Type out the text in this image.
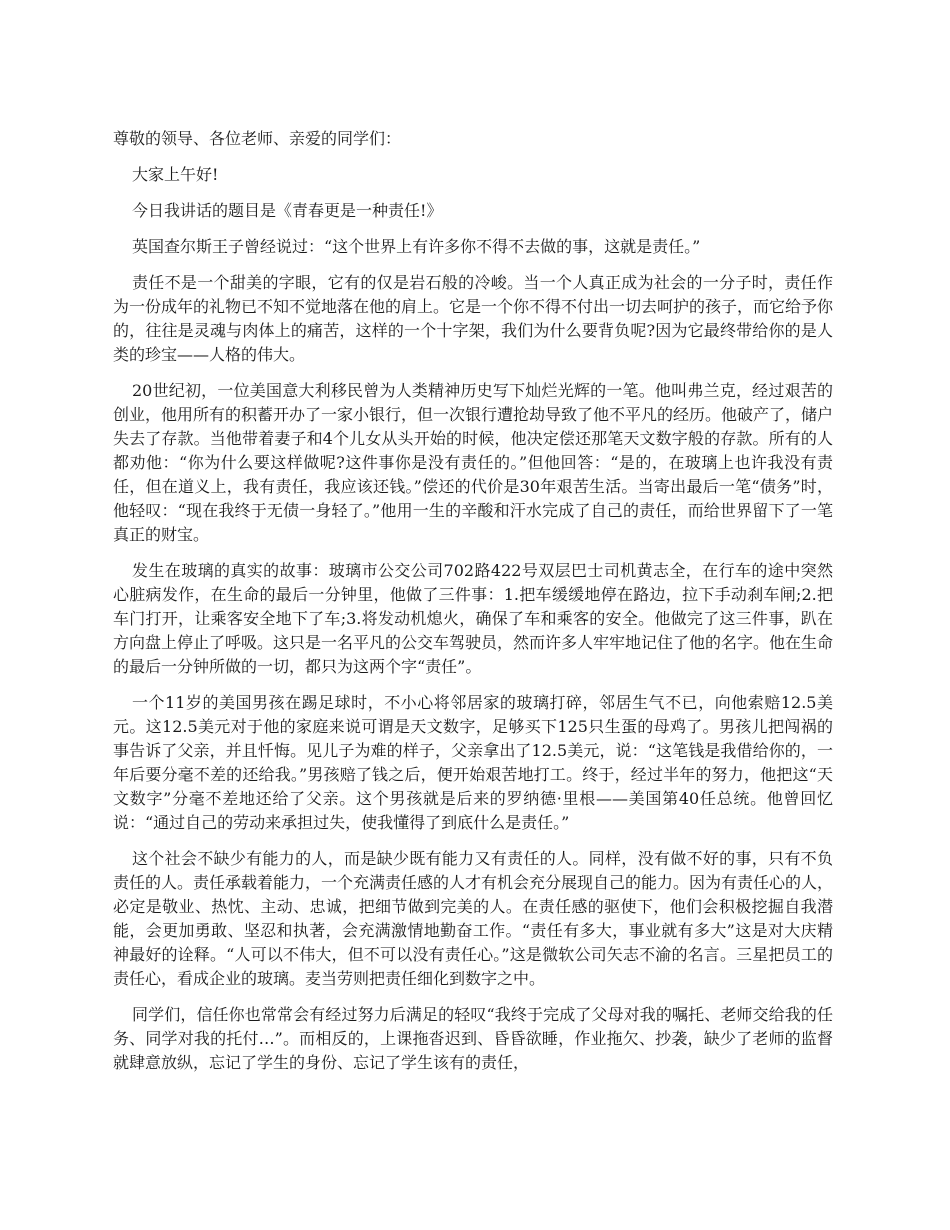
尊敬的领导、各位老师、亲爱的同学们：

大家上午好!

今日我讲话的题目是《青春更是一种责任!》

英国查尔斯王子曾经说过：“这个世界上有许多你不得不去做的事，这就是责任。”

责任不是一个甜美的字眼，它有的仅是岩石般的冷峻。当一个人真正成为社会的一分子时，责任作为一份成年的礼物已不知不觉地落在他的肩上。它是一个你不得不付出一切去呵护的孩子，而它给予你的，往往是灵魂与肉体上的痛苦，这样的一个十字架，我们为什么要背负呢?因为它最终带给你的是人类的珍宝——人格的伟大。

20世纪初，一位美国意大利移民曾为人类精神历史写下灿烂光辉的一笔。他叫弗兰克，经过艰苦的创业，他用所有的积蓄开办了一家小银行，但一次银行遭抢劫导致了他不平凡的经历。他破产了，储户失去了存款。当他带着妻子和4个儿女从头开始的时候，他决定偿还那笔天文数字般的存款。所有的人都劝他：“你为什么要这样做呢?这件事你是没有责任的。”但他回答：“是的，在玻璃上也许我没有责任，但在道义上，我有责任，我应该还钱。”偿还的代价是30年艰苦生活。当寄出最后一笔“债务”时，他轻叹：“现在我终于无债一身轻了。”他用一生的辛酸和汗水完成了自己的责任，而给世界留下了一笔真正的财宝。

发生在玻璃的真实的故事：玻璃市公交公司702路422号双层巴士司机黄志全，在行车的途中突然心脏病发作，在生命的最后一分钟里，他做了三件事：1.把车缓缓地停在路边，拉下手动刹车闸;2.把车门打开，让乘客安全地下了车;3.将发动机熄火，确保了车和乘客的安全。他做完了这三件事，趴在方向盘上停止了呼吸。这只是一名平凡的公交车驾驶员，然而许多人牢牢地记住了他的名字。他在生命的最后一分钟所做的一切，都只为这两个字“责任”。

一个11岁的美国男孩在踢足球时，不小心将邻居家的玻璃打碎，邻居生气不已，向他索赔12.5美元。这12.5美元对于他的家庭来说可谓是天文数字，足够买下125只生蛋的母鸡了。男孩儿把闯祸的事告诉了父亲，并且忏悔。见儿子为难的样子，父亲拿出了12.5美元，说：“这笔钱是我借给你的，一年后要分毫不差的还给我。”男孩赔了钱之后，便开始艰苦地打工。终于，经过半年的努力，他把这“天文数字”分毫不差地还给了父亲。这个男孩就是后来的罗纳德·里根——美国第40任总统。他曾回忆说：“通过自己的劳动来承担过失，使我懂得了到底什么是责任。”

这个社会不缺少有能力的人，而是缺少既有能力又有责任的人。同样，没有做不好的事，只有不负责任的人。责任承载着能力，一个充满责任感的人才有机会充分展现自己的能力。因为有责任心的人，必定是敬业、热忱、主动、忠诚，把细节做到完美的人。在责任感的驱使下，他们会积极挖掘自我潜能，会更加勇敢、坚忍和执著，会充满激情地勤奋工作。“责任有多大，事业就有多大”这是对大庆精神最好的诠释。“人可以不伟大，但不可以没有责任心。”这是微软公司矢志不渝的名言。三星把员工的责任心，看成企业的玻璃。麦当劳则把责任细化到数字之中。

同学们，信任你也常常会有经过努力后满足的轻叹“我终于完成了父母对我的嘱托、老师交给我的任务、同学对我的托付…”。而相反的，上课拖沓迟到、昏昏欲睡，作业拖欠、抄袭，缺少了老师的监督就肆意放纵，忘记了学生的身份、忘记了学生该有的责任，
